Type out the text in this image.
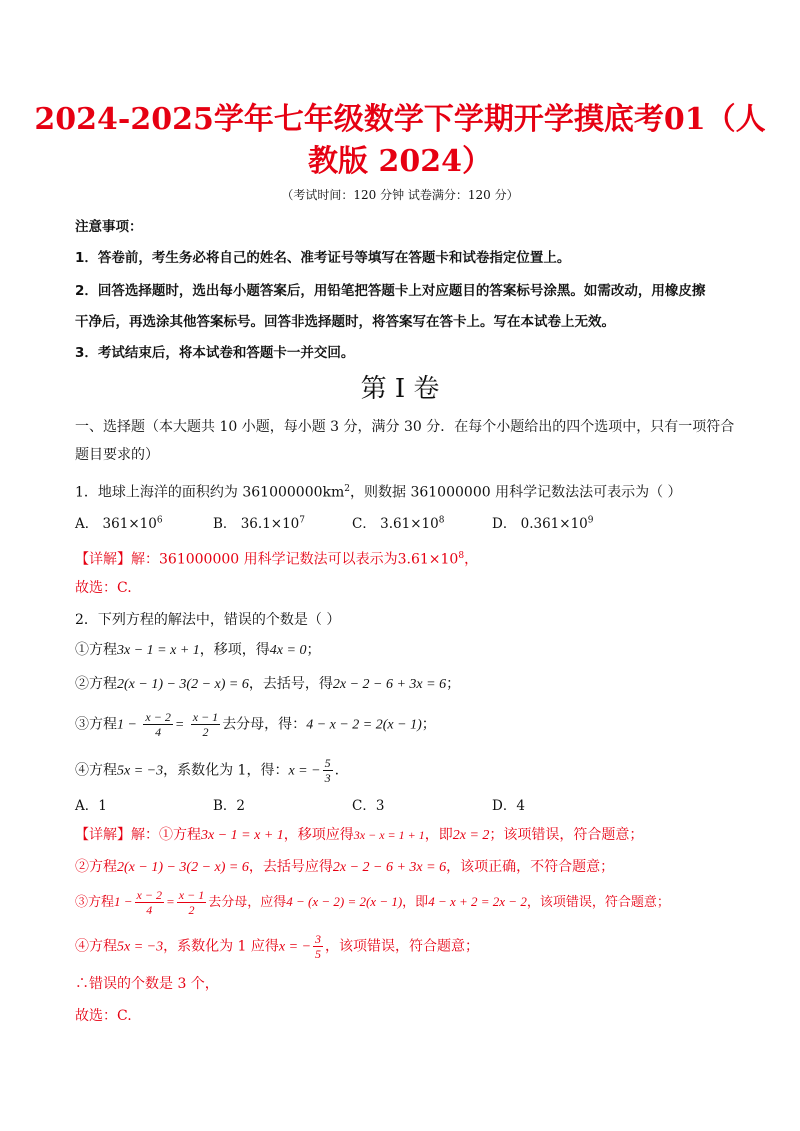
2024-2025学年七年级数学下学期开学摸底考01（人
教版 2024）
（考试时间：120 分钟 试卷满分：120 分）
注意事项：
1．答卷前，考生务必将自己的姓名、准考证号等填写在答题卡和试卷指定位置上。
2．回答选择题时，选出每小题答案后，用铅笔把答题卡上对应题目的答案标号涂黑。如需改动，用橡皮擦
干净后，再选涂其他答案标号。回答非选择题时，将答案写在答卡上。写在本试卷上无效。
3．考试结束后，将本试卷和答题卡一并交回。
第 I 卷
一、选择题（本大题共 10 小题，每小题 3 分，满分 30 分．在每个小题给出的四个选项中，只有一项符合
题目要求的）
1．地球上海洋的面积约为 $361000000km^2$，则数据 361000000 用科学记数法法可表示为（ ）
A． $361\times 10^6$	B． $36.1\times 10^7$	C． $3.61\times 10^8$	D． $0.361\times 10^9$
【详解】解：361000000 用科学记数法可以表示为$3.61\times 10^8$，
故选：C.
2．下列方程的解法中，错误的个数是（ ）
①方程3x − 1 = x + 1，移项，得4x = 0；
②方程2(x − 1) − 3(2 − x) = 6，去括号，得2x − 2 − 6 + 3x = 6；
③方程$1 - \frac{x - 2}{4} = \frac{x - 1}{2}$ 去分母，得：4 − x − 2 = 2(x − 1)；
④方程5x = −3，系数化为 1，得：x = − $\frac{5}{3}$ .
A．1	B．2	C．3	D．4
【详解】解：①方程3x − 1 = x + 1，移项应得3x − x = 1 + 1，即2x = 2；该项错误，符合题意；
②方程2(x − 1) − 3(2 − x) = 6，去括号应得2x − 2 − 6 + 3x = 6，该项正确，不符合题意；
③方程$1 - \frac{x - 2}{4} = \frac{x - 1}{2}$ 去分母，应得4 − (x − 2) = 2(x − 1)，即4 − x + 2 = 2x − 2，该项错误，符合题意；
④方程5x = −3，系数化为 1 应得x = − $\frac{3}{5}$ ，该项错误，符合题意；
∴错误的个数是 3 个，
故选：C.
